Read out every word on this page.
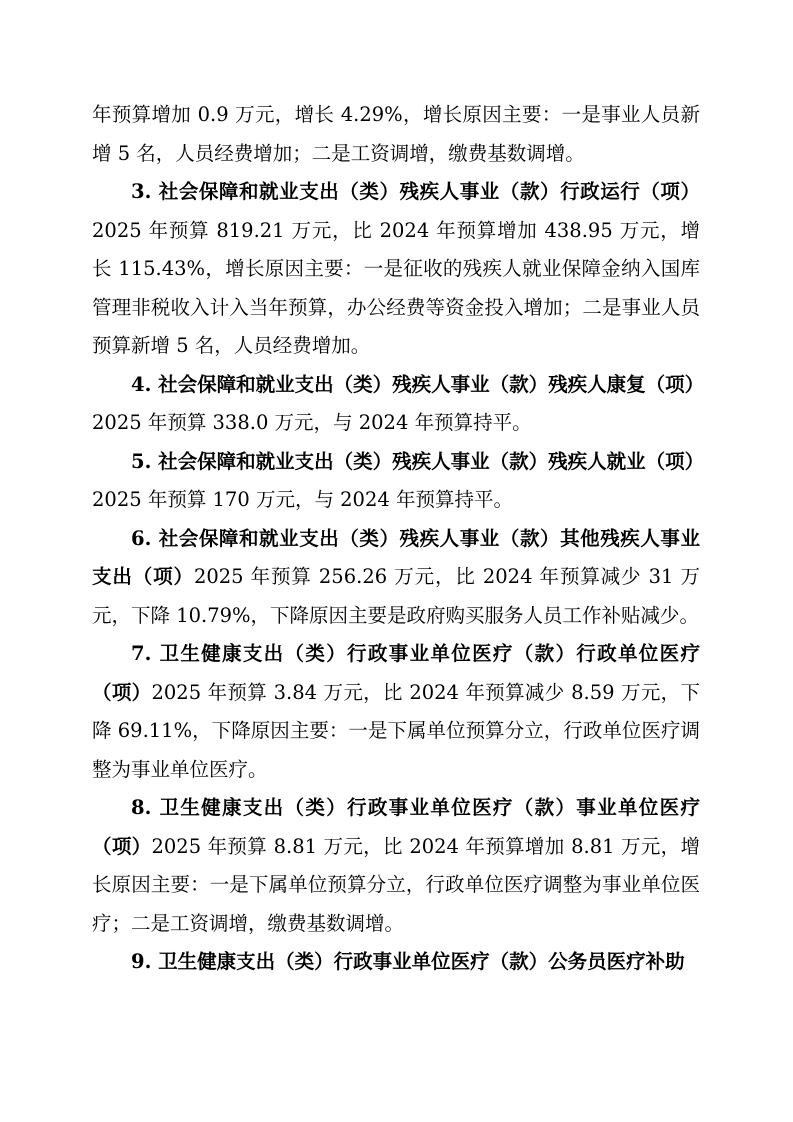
年预算增加 0.9 万元，增长 4.29%，增长原因主要：一是事业人员新增 5 名，人员经费增加；二是工资调增，缴费基数调增。

3. 社会保障和就业支出（类）残疾人事业（款）行政运行（项）2025 年预算 819.21 万元，比 2024 年预算增加 438.95 万元，增长 115.43%，增长原因主要：一是征收的残疾人就业保障金纳入国库管理非税收入计入当年预算，办公经费等资金投入增加；二是事业人员预算新增 5 名，人员经费增加。

4. 社会保障和就业支出（类）残疾人事业（款）残疾人康复（项）2025 年预算 338.0 万元，与 2024 年预算持平。

5. 社会保障和就业支出（类）残疾人事业（款）残疾人就业（项）2025 年预算 170 万元，与 2024 年预算持平。

6. 社会保障和就业支出（类）残疾人事业（款）其他残疾人事业支出（项）2025 年预算 256.26 万元，比 2024 年预算减少 31 万元，下降 10.79%，下降原因主要是政府购买服务人员工作补贴减少。

7. 卫生健康支出（类）行政事业单位医疗（款）行政单位医疗（项）2025 年预算 3.84 万元，比 2024 年预算减少 8.59 万元，下降 69.11%，下降原因主要：一是下属单位预算分立，行政单位医疗调整为事业单位医疗。

8. 卫生健康支出（类）行政事业单位医疗（款）事业单位医疗（项）2025 年预算 8.81 万元，比 2024 年预算增加 8.81 万元，增长原因主要：一是下属单位预算分立，行政单位医疗调整为事业单位医疗；二是工资调增，缴费基数调增。

9. 卫生健康支出（类）行政事业单位医疗（款）公务员医疗补助
